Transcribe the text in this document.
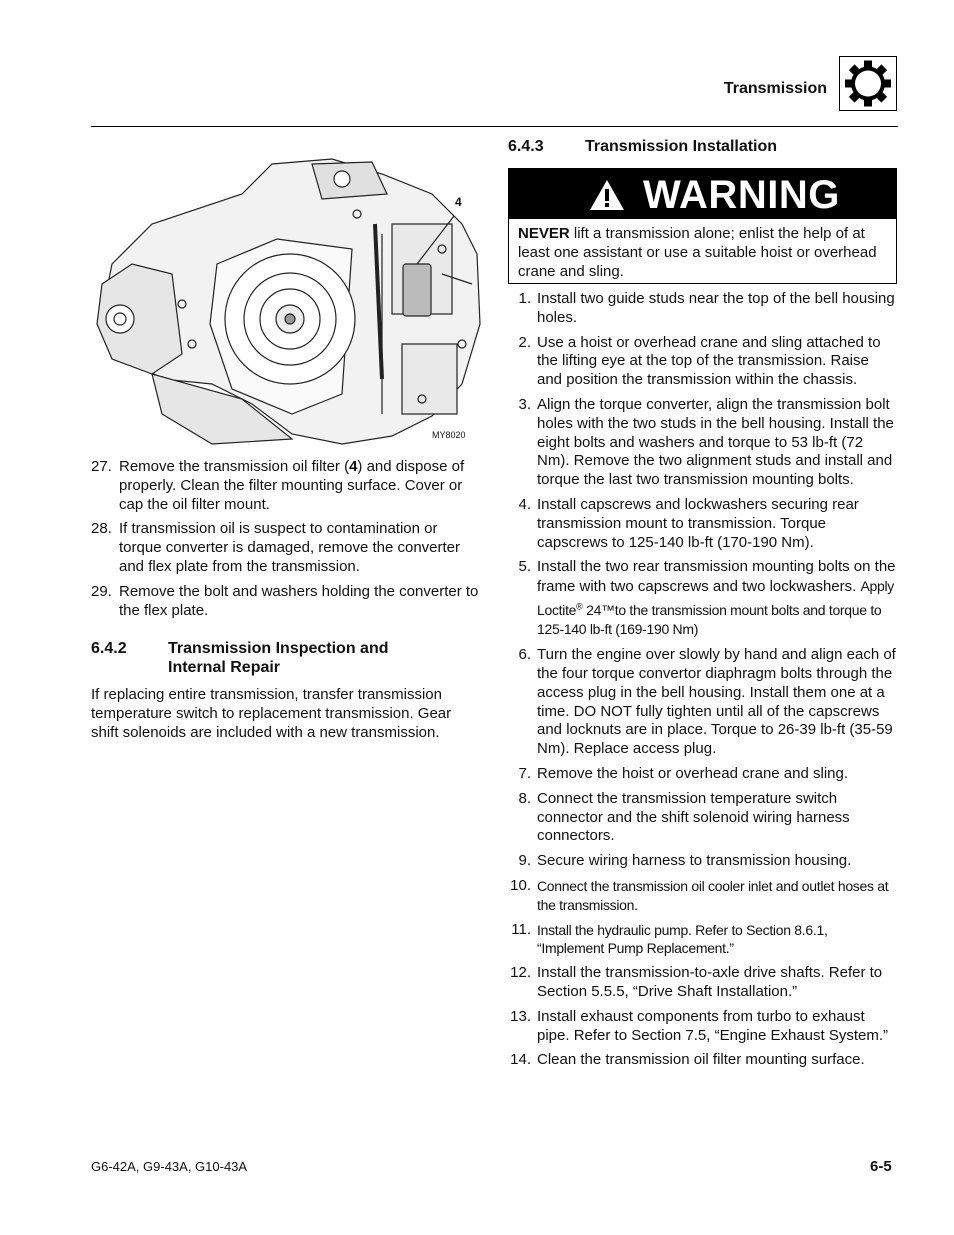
Transmission
4
MY8020
27. Remove the transmission oil filter (4) and dispose of properly. Clean the filter mounting surface. Cover or cap the oil filter mount.
28. If transmission oil is suspect to contamination or torque converter is damaged, remove the converter and flex plate from the transmission.
29. Remove the bolt and washers holding the converter to the flex plate.
6.4.2	Transmission Inspection and
Internal Repair

If replacing entire transmission, transfer transmission temperature switch to replacement transmission. Gear shift solenoids are included with a new transmission.

6.4.3	Transmission Installation
WARNING
NEVER lift a transmission alone; enlist the help of at least one assistant or use a suitable hoist or overhead crane and sling.
1. Install two guide studs near the top of the bell housing holes.
2. Use a hoist or overhead crane and sling attached to the lifting eye at the top of the transmission. Raise and position the transmission within the chassis.
3. Align the torque converter, align the transmission bolt holes with the two studs in the bell housing. Install the eight bolts and washers and torque to 53 lb-ft (72 Nm). Remove the two alignment studs and install and torque the last two transmission mounting bolts.
4. Install capscrews and lockwashers securing rear transmission mount to transmission. Torque capscrews to 125-140 lb-ft (170-190 Nm).
5. Install the two rear transmission mounting bolts on the frame with two capscrews and two lockwashers. Apply Loctite® 24™to the transmission mount bolts and torque to 125-140 lb-ft (169-190 Nm)
6. Turn the engine over slowly by hand and align each of the four torque convertor diaphragm bolts through the access plug in the bell housing. Install them one at a time. DO NOT fully tighten until all of the capscrews and locknuts are in place. Torque to 26-39 lb-ft (35-59 Nm). Replace access plug.
7. Remove the hoist or overhead crane and sling.
8. Connect the transmission temperature switch connector and the shift solenoid wiring harness connectors.
9. Secure wiring harness to transmission housing.
10. Connect the transmission oil cooler inlet and outlet hoses at the transmission.
11. Install the hydraulic pump. Refer to Section 8.6.1, “Implement Pump Replacement.”
12. Install the transmission-to-axle drive shafts. Refer to Section 5.5.5, “Drive Shaft Installation.”
13. Install exhaust components from turbo to exhaust pipe. Refer to Section 7.5, “Engine Exhaust System.”
14. Clean the transmission oil filter mounting surface.
G6-42A, G9-43A, G10-43A	6-5
